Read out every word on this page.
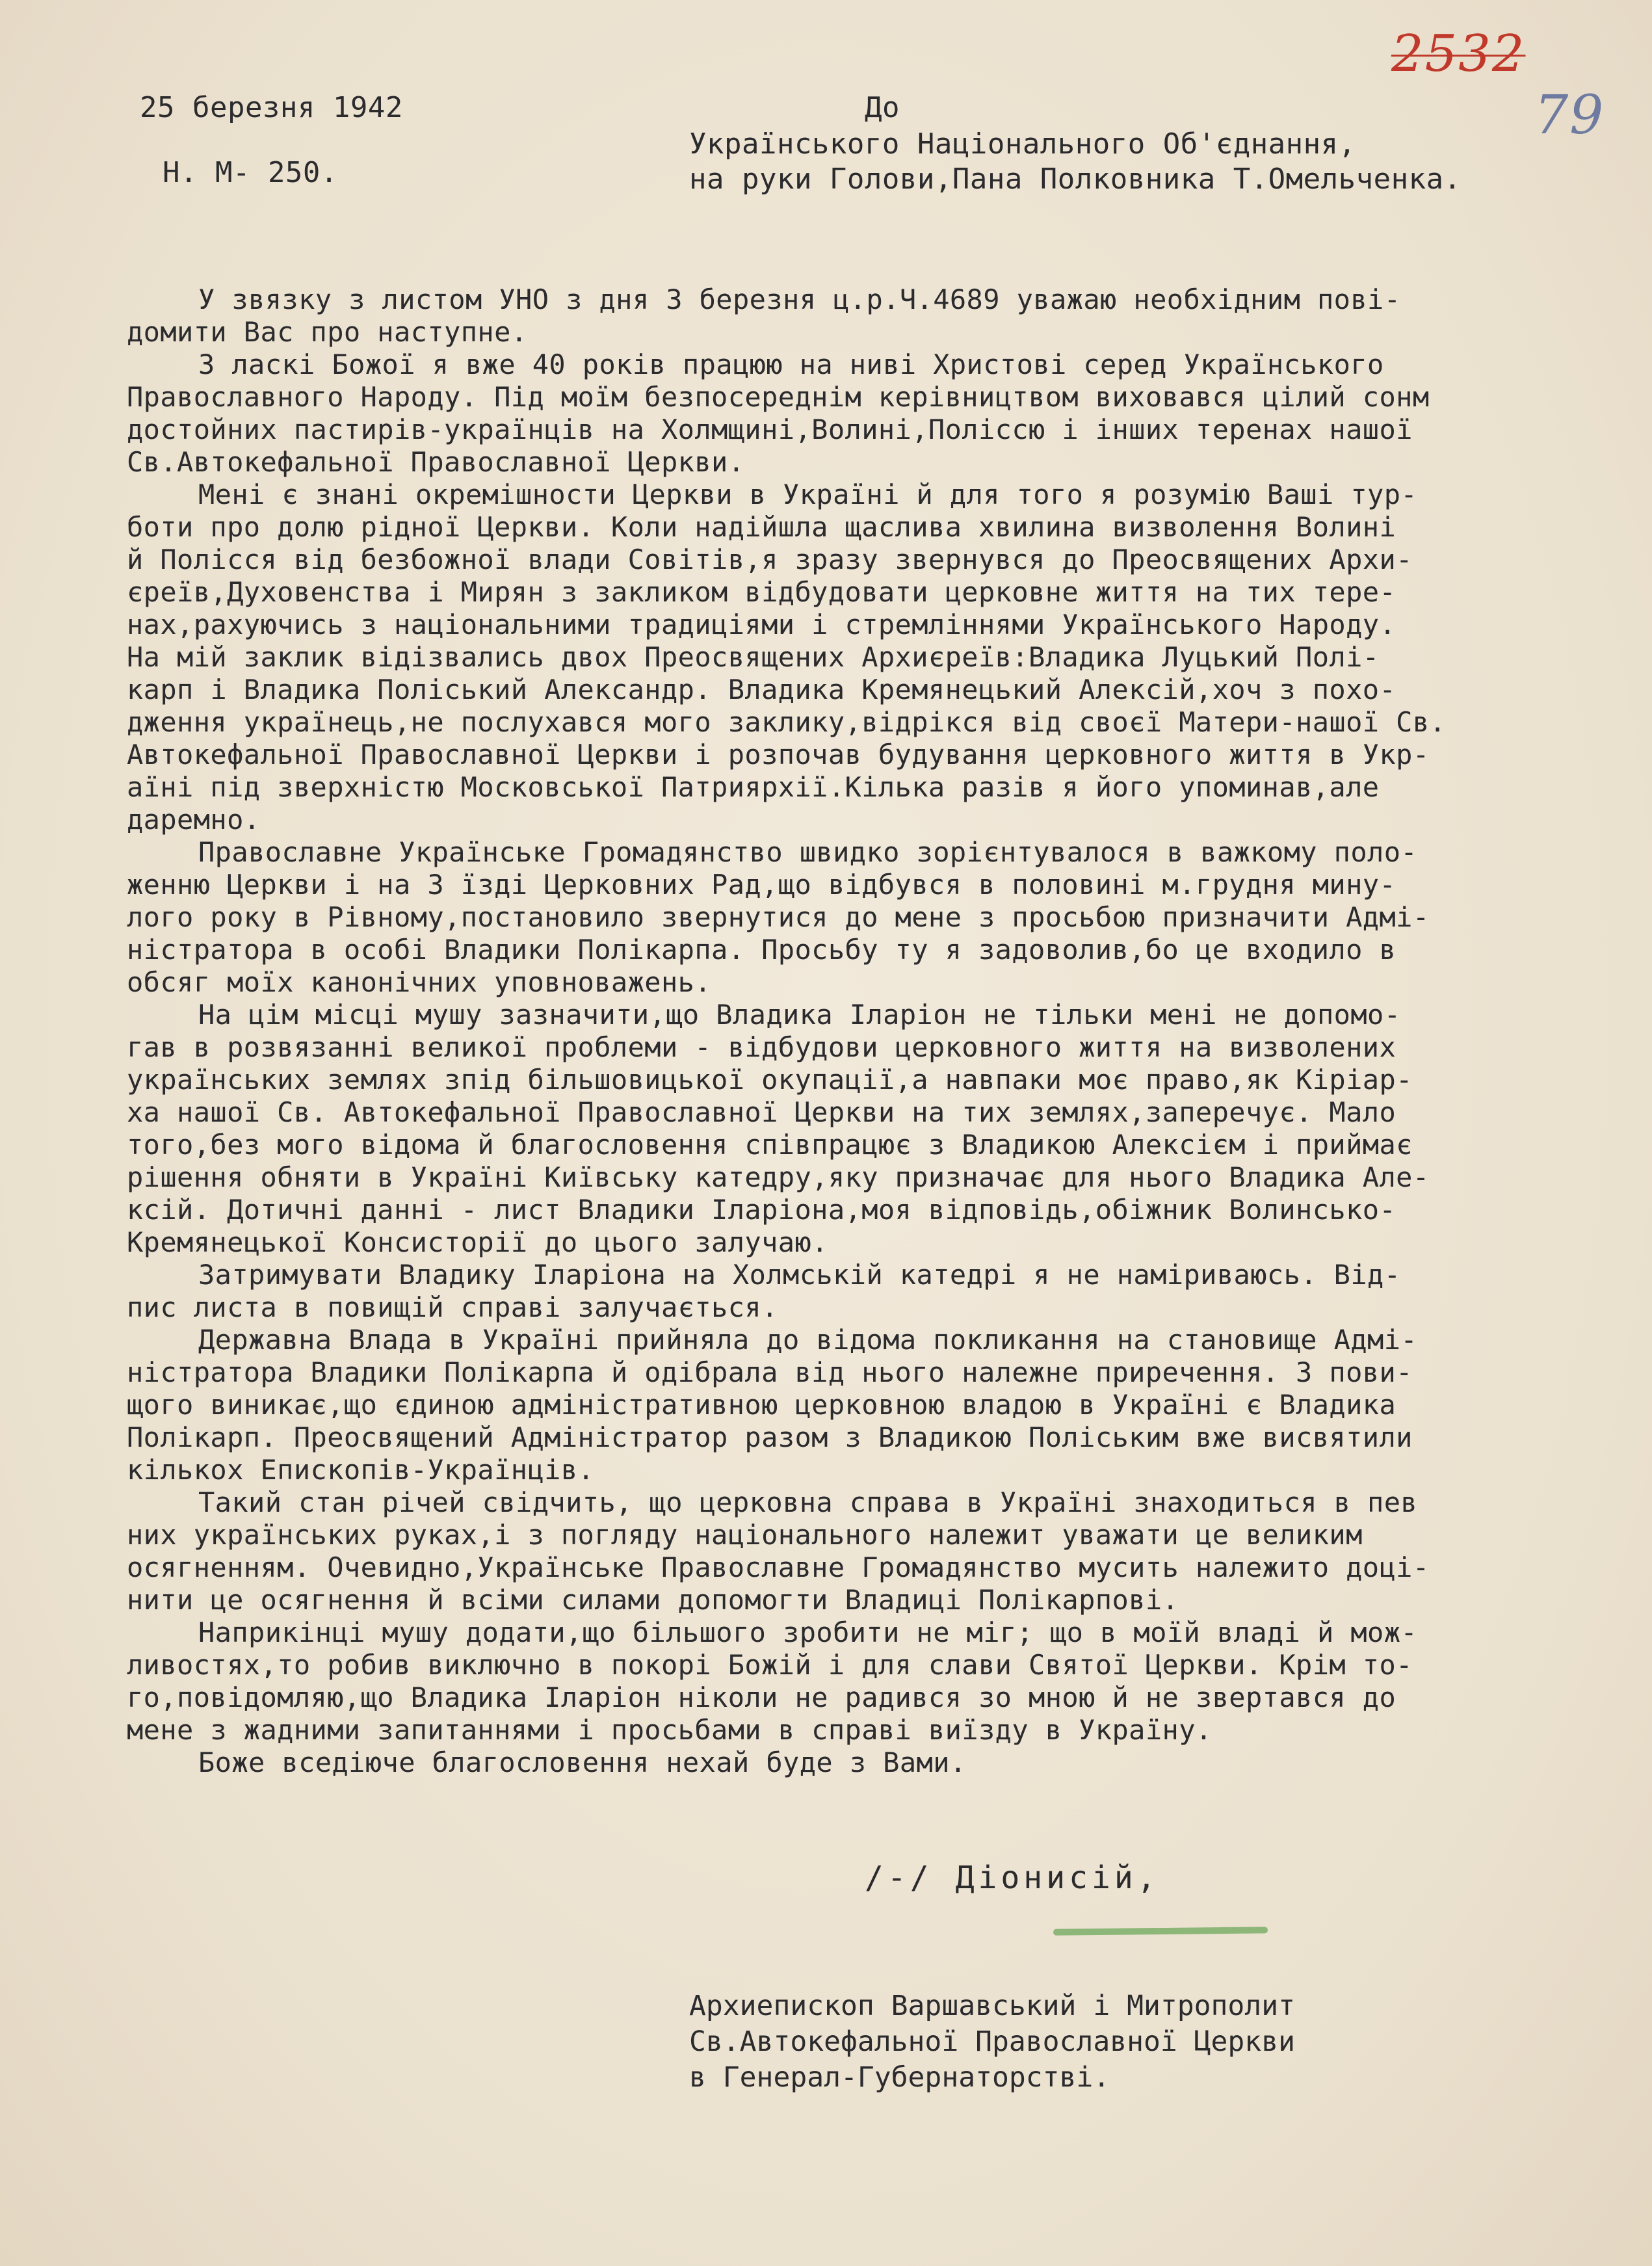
2532
79
25 березня 1942
Н. М- 250.
До
Українського Національного Об'єднання,
на руки Голови,Пана Полковника Т.Омельченка.
У звязку з листом УНО з дня 3 березня ц.р.Ч.4689 уважаю необхідним пові-
домити Вас про наступне.
З ласкі Божої я вже 40 років працюю на ниві Христові серед Українського
Православного Народу. Під моїм безпосереднім керівництвом виховався цілий сонм
достойних пастирів-українців на Холмщині,Волині,Поліссю і інших теренах нашої
Св.Автокефальної Православної Церкви.
Мені є знані окремішности Церкви в Україні й для того я розумію Ваші тур-
боти про долю рідної Церкви. Коли надійшла щаслива хвилина визволення Волині
й Полісся від безбожної влади Совітів,я зразу звернувся до Преосвящених Архи-
єреїв,Духовенства і Мирян з закликом відбудовати церковне життя на тих тере-
нах,рахуючись з національними традиціями і стремліннями Українського Народу.
На мій заклик відізвались двох Преосвящених Архиєреїв:Владика Луцький Полі-
карп і Владика Поліський Александр. Владика Кремянецький Алексій,хоч з похо-
дження українець,не послухався мого заклику,відрікся від своєї Матери-нашої Св.
Автокефальної Православної Церкви і розпочав будування церковного життя в Укр-
аїні під зверхністю Московської Патриярхії.Кілька разів я його упоминав,але
даремно.
Православне Українське Громадянство швидко зорієнтувалося в важкому поло-
женню Церкви і на З їзді Церковних Рад,що відбувся в половині м.грудня мину-
лого року в Рівному,постановило звернутися до мене з просьбою призначити Адмі-
ністратора в особі Владики Полікарпа. Просьбу ту я задоволив,бо це входило в
обсяг моїх канонічних уповноважень.
На цім місці мушу зазначити,що Владика Іларіон не тільки мені не допомо-
гав в розвязанні великої проблеми - відбудови церковного життя на визволених
українських землях зпід більшовицької окупації,а навпаки моє право,як Кіріар-
ха нашої Св. Автокефальної Православної Церкви на тих землях,заперечує. Мало
того,без мого відома й благословення співпрацює з Владикою Алексієм і приймає
рішення обняти в Україні Київську катедру,яку призначає для нього Владика Але-
ксій. Дотичні данні - лист Владики Іларіона,моя відповідь,обіжник Волинсько-
Кремянецької Консисторії до цього залучаю.
Затримувати Владику Іларіона на Холмській катедрі я не наміриваюсь. Від-
пис листа в повищій справі залучається.
Державна Влада в Україні прийняла до відома покликання на становище Адмі-
ністратора Владики Полікарпа й одібрала від нього належне приречення. З пови-
щого виникає,що єдиною адміністративною церковною владою в Україні є Владика
Полікарп. Преосвящений Адміністратор разом з Владикою Поліським вже висвятили
кількох Епископів-Українців.
Такий стан річей свідчить, що церковна справа в Україні знаходиться в пев
них українських руках,і з погляду національного належит уважати це великим
осягненням. Очевидно,Українське Православне Громадянство мусить належито доці-
нити це осягнення й всіми силами допомогти Владиці Полікарпові.
Наприкінці мушу додати,що більшого зробити не міг; що в моїй владі й мож-
ливостях,то робив виключно в покорі Божій і для слави Святої Церкви. Крім то-
го,повідомляю,що Владика Іларіон ніколи не радився зо мною й не звертався до
мене з жадними запитаннями і просьбами в справі виїзду в Україну.
Боже вседіюче благословення нехай буде з Вами.
/-/ Діонисій,
Архиепископ Варшавський і Митрополит
Св.Автокефальної Православної Церкви
в Генерал-Губернаторстві.
